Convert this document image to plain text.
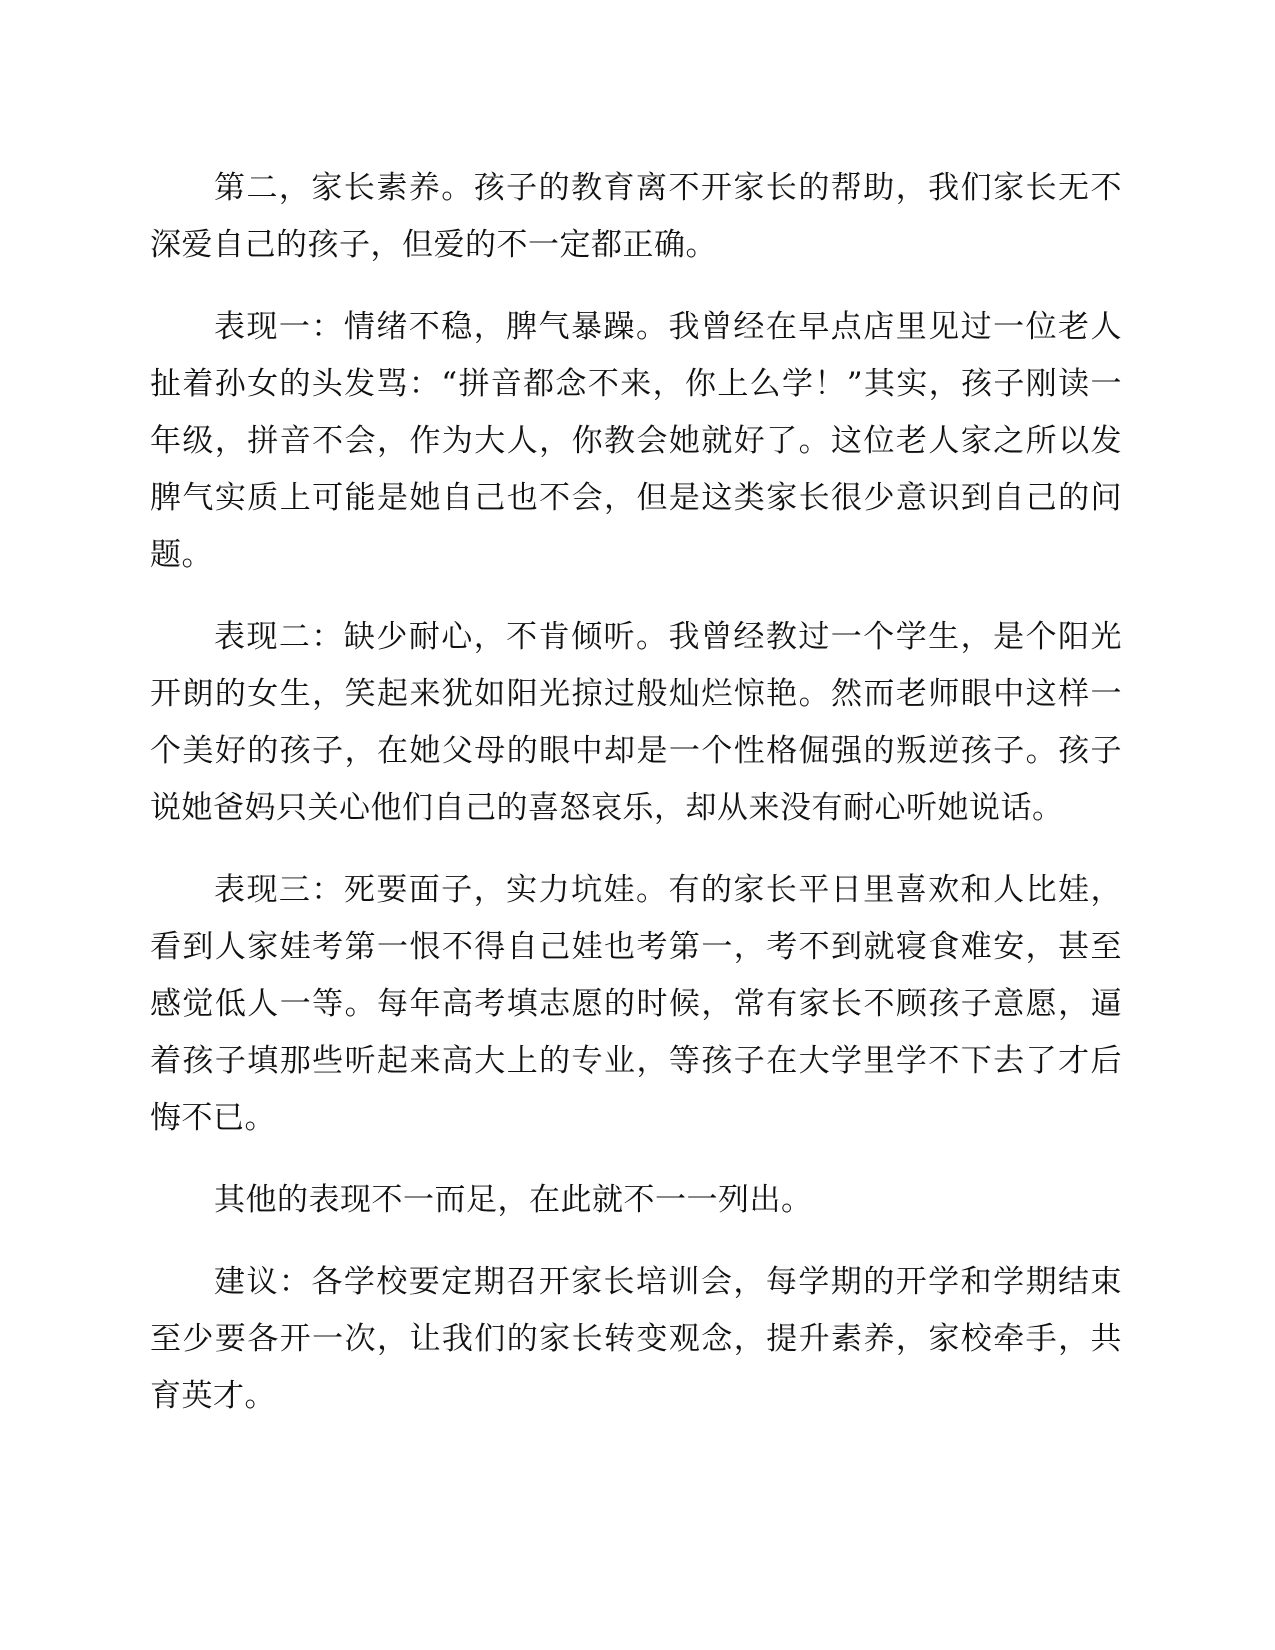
第二，家长素养。孩子的教育离不开家长的帮助，我们家长无不深爱自己的孩子，但爱的不一定都正确。

表现一：情绪不稳，脾气暴躁。我曾经在早点店里见过一位老人扯着孙女的头发骂：“拼音都念不来，你上么学！”其实，孩子刚读一年级，拼音不会，作为大人，你教会她就好了。这位老人家之所以发脾气实质上可能是她自己也不会，但是这类家长很少意识到自己的问题。

表现二：缺少耐心，不肯倾听。我曾经教过一个学生，是个阳光开朗的女生，笑起来犹如阳光掠过般灿烂惊艳。然而老师眼中这样一个美好的孩子，在她父母的眼中却是一个性格倔强的叛逆孩子。孩子说她爸妈只关心他们自己的喜怒哀乐，却从来没有耐心听她说话。

表现三：死要面子，实力坑娃。有的家长平日里喜欢和人比娃，看到人家娃考第一恨不得自己娃也考第一，考不到就寝食难安，甚至感觉低人一等。每年高考填志愿的时候，常有家长不顾孩子意愿，逼着孩子填那些听起来高大上的专业，等孩子在大学里学不下去了才后悔不已。

其他的表现不一而足，在此就不一一列出。

建议：各学校要定期召开家长培训会，每学期的开学和学期结束至少要各开一次，让我们的家长转变观念，提升素养，家校牵手，共育英才。
